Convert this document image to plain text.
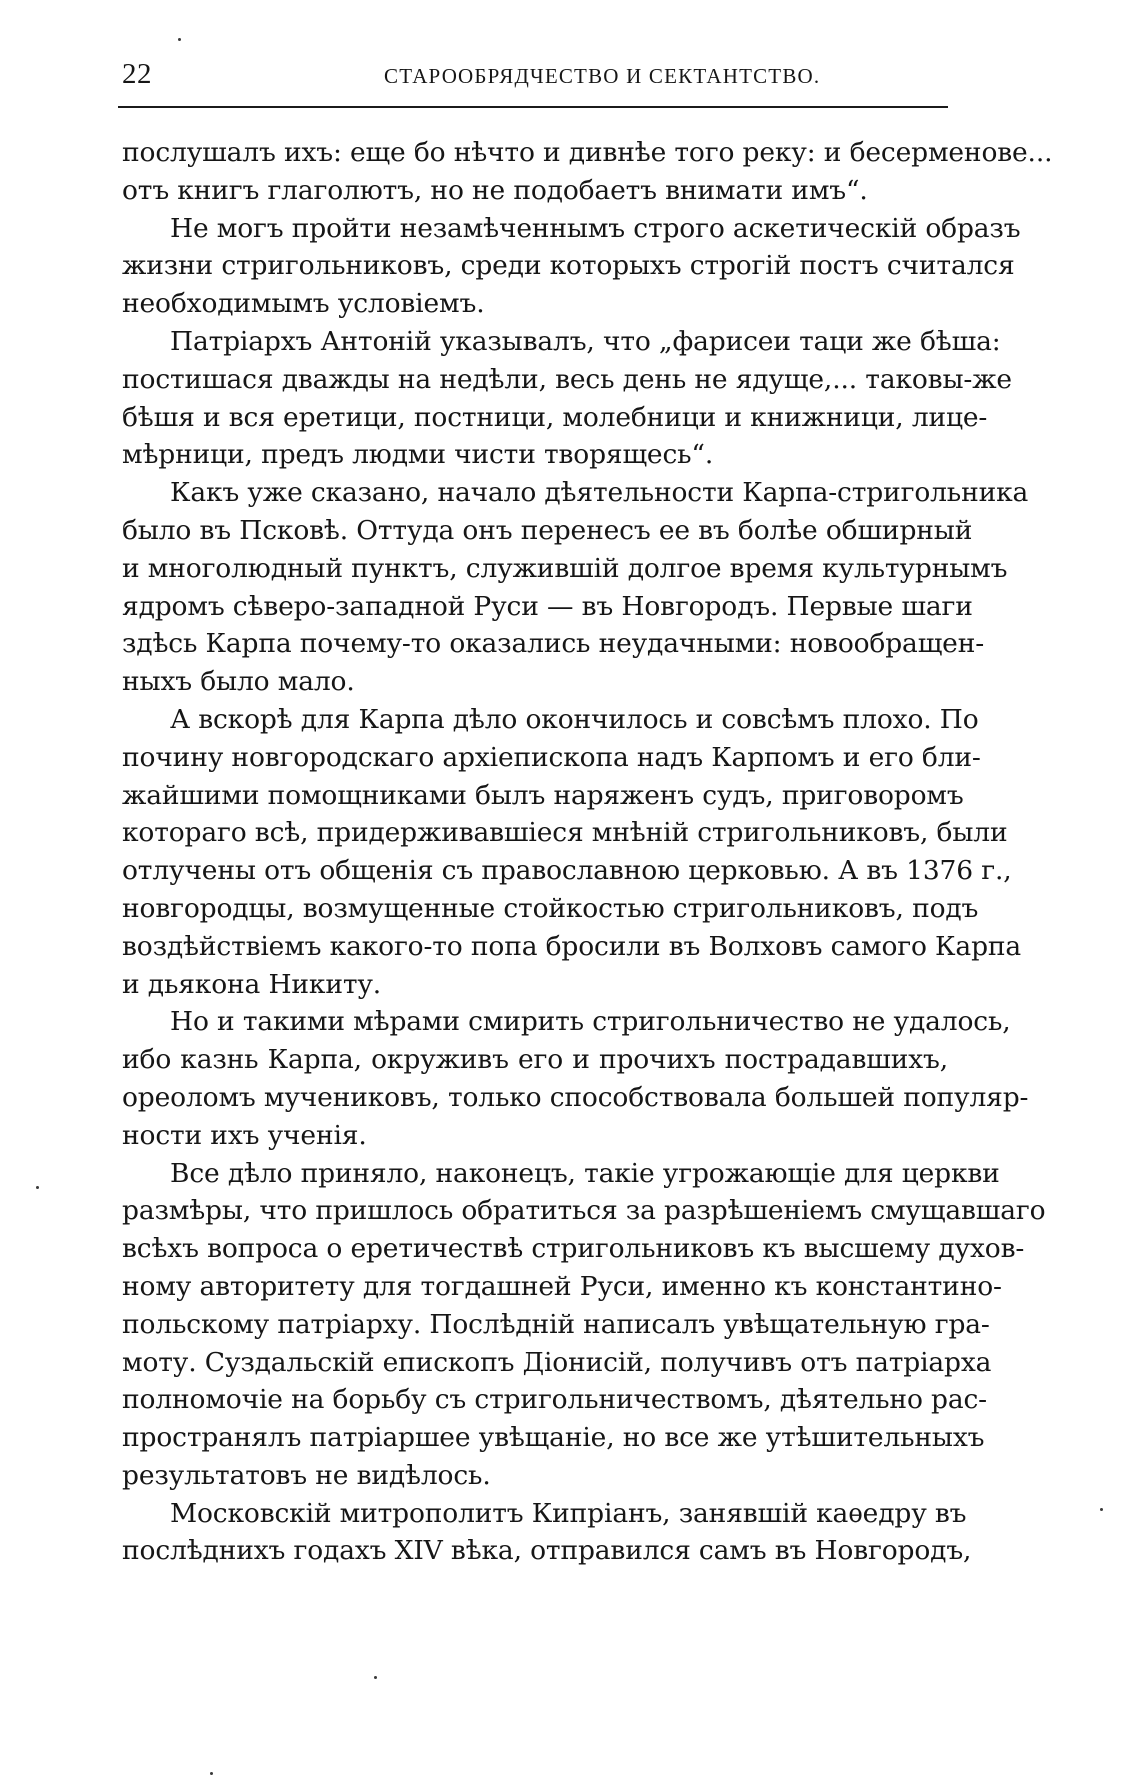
22	СТАРООБРЯДЧЕСТВО И СЕКТАНТСТВО.
послушалъ ихъ: еще бо нѣчто и дивнѣе того реку: и бесерменове...
отъ книгъ глаголютъ, но не подобаетъ внимати имъ“.
Не могъ пройти незамѣченнымъ строго аскетическій образъ
жизни стригольниковъ, среди которыхъ строгій постъ считался
необходимымъ условіемъ.
Патріархъ Антоній указывалъ, что „фарисеи таци же бѣша:
постишася дважды на недѣли, весь день не ядуще,... таковы-же
бѣшя и вся еретици, постници, молебници и книжници, лице-
мѣрници, предъ людми чисти творящесь“.
Какъ уже сказано, начало дѣятельности Карпа-стригольника
было въ Псковѣ. Оттуда онъ перенесъ ее въ болѣе обширный
и многолюдный пунктъ, служившій долгое время культурнымъ
ядромъ сѣверо-западной Руси — въ Новгородъ. Первые шаги
здѣсь Карпа почему-то оказались неудачными: новообращен-
ныхъ было мало.
А вскорѣ для Карпа дѣло окончилось и совсѣмъ плохо. По
почину новгородскаго архіепископа надъ Карпомъ и его бли-
жайшими помощниками былъ наряженъ судъ, приговоромъ
котораго всѣ, придерживавшіеся мнѣній стригольниковъ, были
отлучены отъ общенія съ православною церковью. А въ 1376 г.,
новгородцы, возмущенные стойкостью стригольниковъ, подъ
воздѣйствіемъ какого-то попа бросили въ Волховъ самого Карпа
и дьякона Никиту.
Но и такими мѣрами смирить стригольничество не удалось,
ибо казнь Карпа, окруживъ его и прочихъ пострадавшихъ,
ореоломъ мучениковъ, только способствовала большей популяр-
ности ихъ ученія.
Все дѣло приняло, наконецъ, такіе угрожающіе для церкви
размѣры, что пришлось обратиться за разрѣшеніемъ смущавшаго
всѣхъ вопроса о еретичествѣ стригольниковъ къ высшему духов-
ному авторитету для тогдашней Руси, именно къ константино-
польскому патріарху. Послѣдній написалъ увѣщательную гра-
моту. Суздальскій епископъ Діонисій, получивъ отъ патріарха
полномочіе на борьбу съ стригольничествомъ, дѣятельно рас-
пространялъ патріаршее увѣщаніе, но все же утѣшительныхъ
результатовъ не видѣлось.
Московскій митрополитъ Кипріанъ, занявшій каѳедру въ
послѣднихъ годахъ XIV вѣка, отправился самъ въ Новгородъ,
